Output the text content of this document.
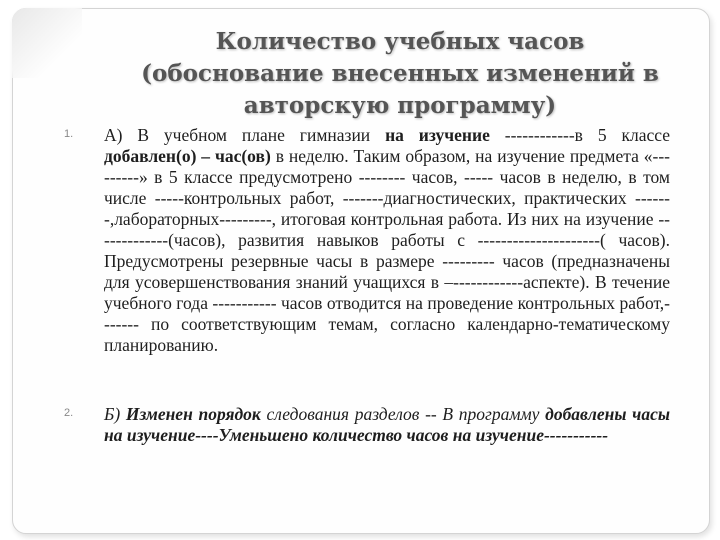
Количество учебных часов (обоснование внесенных изменений в авторскую программу)
1. А) В учебном плане гимназии на изучение ------------в 5 классе добавлен(о) – час(ов) в неделю. Таким образом, на изучение предмета «---------» в 5 классе предусмотрено -------- часов, ----- часов в неделю, в том числе -----контрольных работ, -------диагностических, практических -------,лабораторных---------, итоговая контрольная работа. Из них на изучение -------------(часов), развития навыков работы с ---------------------( часов). Предусмотрены резервные часы в размере --------- часов (предназначены для усовершенствования знаний учащихся в –------------аспекте). В течение учебного года ----------- часов отводится на проведение контрольных работ,------- по соответствующим темам, согласно календарно-тематическому планированию.
2. Б) Изменен порядок следования разделов -- В программу добавлены часы на изучение----Уменьшено количество часов на изучение-----------
